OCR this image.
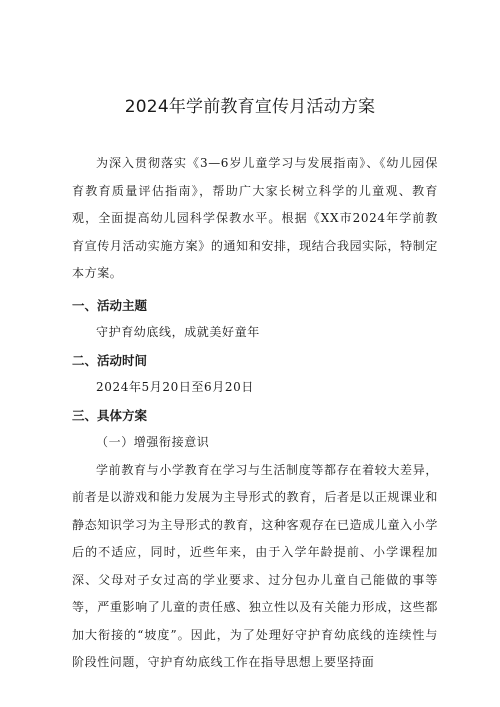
2024年学前教育宣传月活动方案

为深入贯彻落实《3—6岁儿童学习与发展指南》、《幼儿园保育教育质量评估指南》，帮助广大家长树立科学的儿童观、教育观，全面提高幼儿园科学保教水平。根据《XX市2024年学前教育宣传月活动实施方案》的通知和安排，现结合我园实际，特制定本方案。

一、活动主题
守护育幼底线，成就美好童年
二、活动时间
2024年5月20日至6月20日
三、具体方案
（一）增强衔接意识

学前教育与小学教育在学习与生活制度等都存在着较大差异，前者是以游戏和能力发展为主导形式的教育，后者是以正规课业和静态知识学习为主导形式的教育，这种客观存在已造成儿童入小学后的不适应，同时，近些年来，由于入学年龄提前、小学课程加深、父母对子女过高的学业要求、过分包办儿童自己能做的事等等，严重影响了儿童的责任感、独立性以及有关能力形成，这些都加大衔接的“坡度”。因此，为了处理好守护育幼底线的连续性与阶段性问题，守护育幼底线工作在指导思想上要坚持面
